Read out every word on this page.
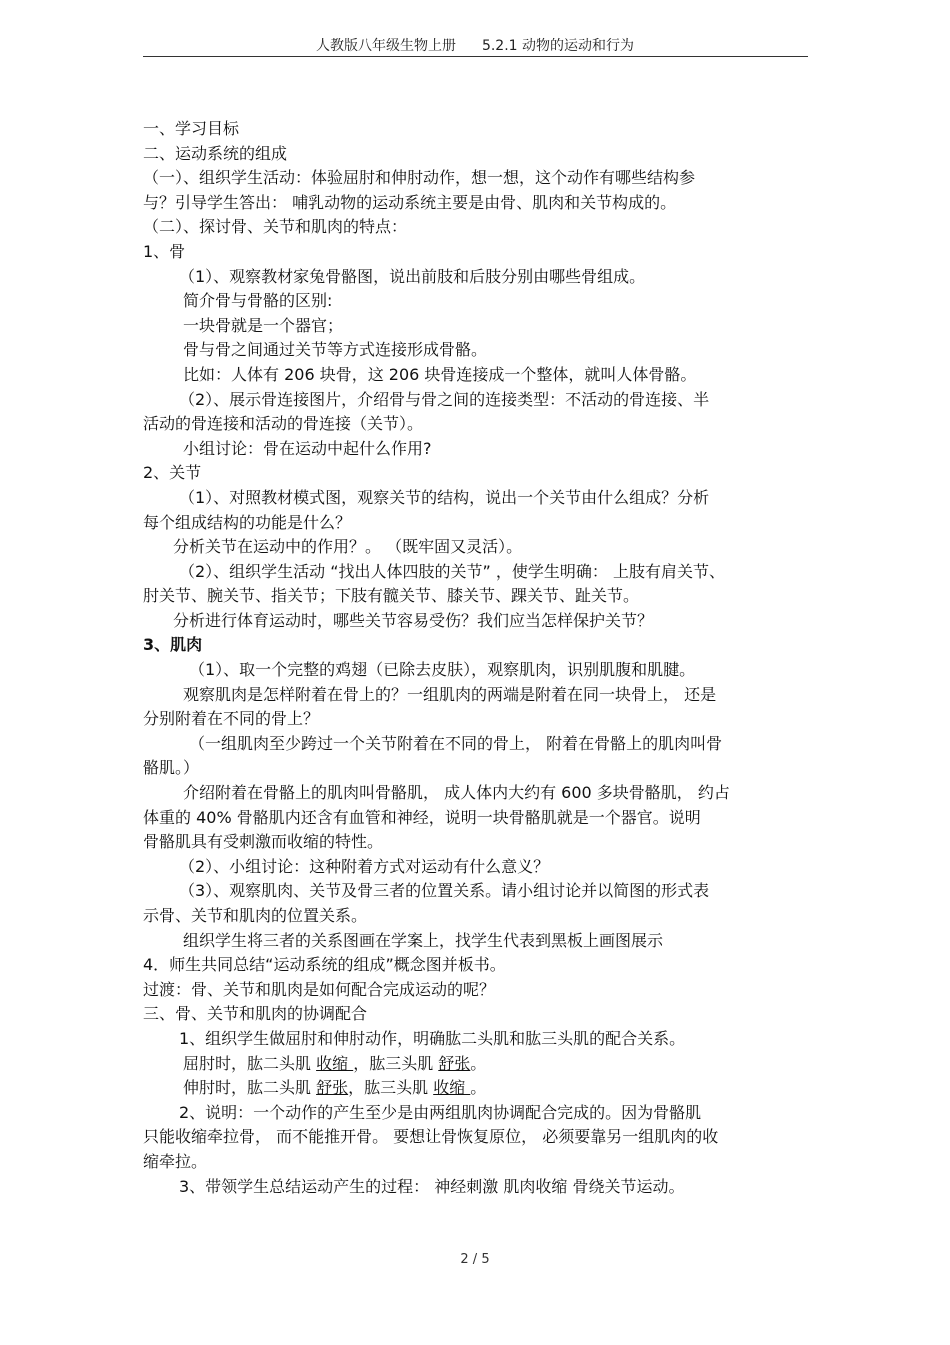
人教版八年级生物上册 5.2.1 动物的运动和行为
一、学习目标
二、运动系统的组成
（一）、组织学生活动：体验屈肘和伸肘动作，想一想，这个动作有哪些结构参
与？引导学生答出： 哺乳动物的运动系统主要是由骨、肌肉和关节构成的。
（二）、探讨骨、关节和肌肉的特点：
1、骨
（1）、观察教材家兔骨骼图，说出前肢和后肢分别由哪些骨组成。
简介骨与骨骼的区别:
一块骨就是一个器官；
骨与骨之间通过关节等方式连接形成骨骼。
比如：人体有 206 块骨，这 206 块骨连接成一个整体，就叫人体骨骼。
（2）、展示骨连接图片，介绍骨与骨之间的连接类型：不活动的骨连接、半
活动的骨连接和活动的骨连接（关节）。
小组讨论：骨在运动中起什么作用?
2、关节
（1）、对照教材模式图，观察关节的结构，说出一个关节由什么组成？分析
每个组成结构的功能是什么？
分析关节在运动中的作用？。 （既牢固又灵活）。
（2）、组织学生活动 “找出人体四肢的关节” ，使学生明确： 上肢有肩关节、
肘关节、腕关节、指关节；下肢有髋关节、膝关节、踝关节、趾关节。
分析进行体育运动时，哪些关节容易受伤？我们应当怎样保护关节？
3、肌肉
（1）、取一个完整的鸡翅（已除去皮肤），观察肌肉，识别肌腹和肌腱。
观察肌肉是怎样附着在骨上的？一组肌肉的两端是附着在同一块骨上， 还是
分别附着在不同的骨上？
（一组肌肉至少跨过一个关节附着在不同的骨上， 附着在骨骼上的肌肉叫骨
骼肌。）
介绍附着在骨骼上的肌肉叫骨骼肌， 成人体内大约有 600 多块骨骼肌， 约占
体重的 40% 骨骼肌内还含有血管和神经，说明一块骨骼肌就是一个器官。说明
骨骼肌具有受刺激而收缩的特性。
（2）、小组讨论：这种附着方式对运动有什么意义？
（3）、观察肌肉、关节及骨三者的位置关系。请小组讨论并以简图的形式表
示骨、关节和肌肉的位置关系。
组织学生将三者的关系图画在学案上，找学生代表到黑板上画图展示
4．师生共同总结“运动系统的组成”概念图并板书。
过渡：骨、关节和肌肉是如何配合完成运动的呢？
三、骨、关节和肌肉的协调配合
1、组织学生做屈肘和伸肘动作，明确肱二头肌和肱三头肌的配合关系。
屈肘时，肱二头肌 收缩 ，肱三头肌 舒张。
伸肘时，肱二头肌 舒张，肱三头肌 收缩 。
2、说明：一个动作的产生至少是由两组肌肉协调配合完成的。因为骨骼肌
只能收缩牵拉骨， 而不能推开骨。 要想让骨恢复原位， 必须要靠另一组肌肉的收
缩牵拉。
3、带领学生总结运动产生的过程： 神经刺激 肌肉收缩 骨绕关节运动。
2 / 5
